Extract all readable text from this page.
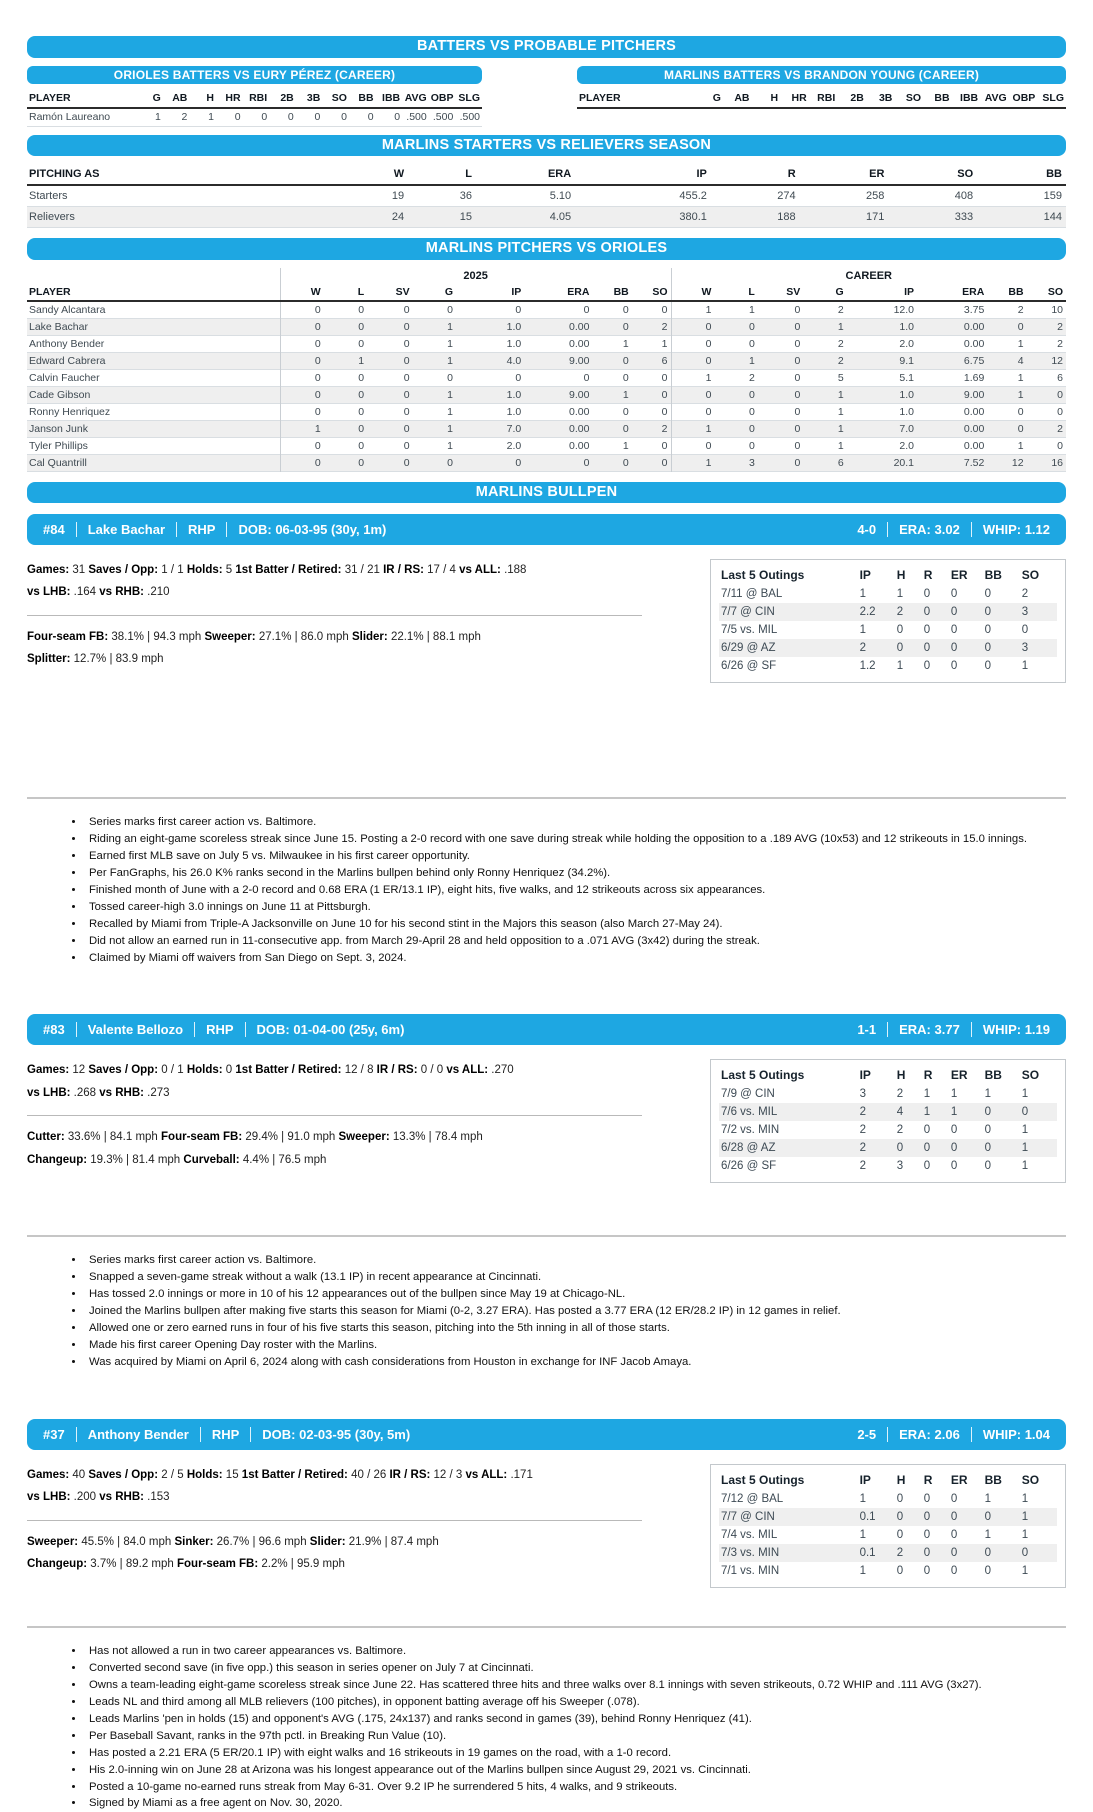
BATTERS VS PROBABLE PITCHERS
ORIOLES BATTERS VS EURY PÉREZ (CAREER)
PLAYER	G	AB	H	HR	RBI	2B	3B	SO	BB	IBB	AVG	OBP	SLG
Ramón Laureano	1	2	1	0	0	0	0	0	0	0	.500	.500	.500
MARLINS BATTERS VS BRANDON YOUNG (CAREER)
PLAYER	G	AB	H	HR	RBI	2B	3B	SO	BB	IBB	AVG	OBP	SLG
MARLINS STARTERS VS RELIEVERS SEASON
PITCHING AS	W	L	ERA	IP	R	ER	SO	BB
Starters	19	36	5.10	455.2	274	258	408	159
Relievers	24	15	4.05	380.1	188	171	333	144
MARLINS PITCHERS VS ORIOLES
	2025								CAREER							
PLAYER	W	L	SV	G	IP	ERA	BB	SO	W	L	SV	G	IP	ERA	BB	SO
Sandy Alcantara	0	0	0	0	0	0	0	0	1	1	0	2	12.0	3.75	2	10
Lake Bachar	0	0	0	1	1.0	0.00	0	2	0	0	0	1	1.0	0.00	0	2
Anthony Bender	0	0	0	1	1.0	0.00	1	1	0	0	0	2	2.0	0.00	1	2
Edward Cabrera	0	1	0	1	4.0	9.00	0	6	0	1	0	2	9.1	6.75	4	12
Calvin Faucher	0	0	0	0	0	0	0	0	1	2	0	5	5.1	1.69	1	6
Cade Gibson	0	0	0	1	1.0	9.00	1	0	0	0	0	1	1.0	9.00	1	0
Ronny Henriquez	0	0	0	1	1.0	0.00	0	0	0	0	0	1	1.0	0.00	0	0
Janson Junk	1	0	0	1	7.0	0.00	0	2	1	0	0	1	7.0	0.00	0	2
Tyler Phillips	0	0	0	1	2.0	0.00	1	0	0	0	0	1	2.0	0.00	1	0
Cal Quantrill	0	0	0	0	0	0	0	0	1	3	0	6	20.1	7.52	12	16
MARLINS BULLPEN
#84 Lake Bachar RHP DOB: 06-03-95 (30y, 1m)	4-0 ERA: 3.02 WHIP: 1.12

Games: 31 Saves / Opp: 1 / 1 Holds: 5 1st Batter / Retired: 31 / 21 IR / RS: 17 / 4 vs ALL: .188

vs LHB: .164 vs RHB: .210

Four-seam FB: 38.1% | 94.3 mph Sweeper: 27.1% | 86.0 mph Slider: 22.1% | 88.1 mph

Splitter: 12.7% | 83.9 mph

Last 5 Outings	IP	H	R	ER	BB	SO
7/11 @ BAL	1	1	0	0	0	2
7/7 @ CIN	2.2	2	0	0	0	3
7/5 vs. MIL	1	0	0	0	0	0
6/29 @ AZ	2	0	0	0	0	3
6/26 @ SF	1.2	1	0	0	0	1
• Series marks first career action vs. Baltimore.
• Riding an eight-game scoreless streak since June 15. Posting a 2-0 record with one save during streak while holding the opposition to a .189 AVG (10x53) and 12 strikeouts in 15.0 innings.
• Earned first MLB save on July 5 vs. Milwaukee in his first career opportunity.
• Per FanGraphs, his 26.0 K% ranks second in the Marlins bullpen behind only Ronny Henriquez (34.2%).
• Finished month of June with a 2-0 record and 0.68 ERA (1 ER/13.1 IP), eight hits, five walks, and 12 strikeouts across six appearances.
• Tossed career-high 3.0 innings on June 11 at Pittsburgh.
• Recalled by Miami from Triple-A Jacksonville on June 10 for his second stint in the Majors this season (also March 27-May 24).
• Did not allow an earned run in 11-consecutive app. from March 29-April 28 and held opposition to a .071 AVG (3x42) during the streak.
• Claimed by Miami off waivers from San Diego on Sept. 3, 2024.
#83 Valente Bellozo RHP DOB: 01-04-00 (25y, 6m)	1-1 ERA: 3.77 WHIP: 1.19

Games: 12 Saves / Opp: 0 / 1 Holds: 0 1st Batter / Retired: 12 / 8 IR / RS: 0 / 0 vs ALL: .270

vs LHB: .268 vs RHB: .273

Cutter: 33.6% | 84.1 mph Four-seam FB: 29.4% | 91.0 mph Sweeper: 13.3% | 78.4 mph

Changeup: 19.3% | 81.4 mph Curveball: 4.4% | 76.5 mph

Last 5 Outings	IP	H	R	ER	BB	SO
7/9 @ CIN	3	2	1	1	1	1
7/6 vs. MIL	2	4	1	1	0	0
7/2 vs. MIN	2	2	0	0	0	1
6/28 @ AZ	2	0	0	0	0	1
6/26 @ SF	2	3	0	0	0	1
• Series marks first career action vs. Baltimore.
• Snapped a seven-game streak without a walk (13.1 IP) in recent appearance at Cincinnati.
• Has tossed 2.0 innings or more in 10 of his 12 appearances out of the bullpen since May 19 at Chicago-NL.
• Joined the Marlins bullpen after making five starts this season for Miami (0-2, 3.27 ERA). Has posted a 3.77 ERA (12 ER/28.2 IP) in 12 games in relief.
• Allowed one or zero earned runs in four of his five starts this season, pitching into the 5th inning in all of those starts.
• Made his first career Opening Day roster with the Marlins.
• Was acquired by Miami on April 6, 2024 along with cash considerations from Houston in exchange for INF Jacob Amaya.
#37 Anthony Bender RHP DOB: 02-03-95 (30y, 5m)	2-5 ERA: 2.06 WHIP: 1.04

Games: 40 Saves / Opp: 2 / 5 Holds: 15 1st Batter / Retired: 40 / 26 IR / RS: 12 / 3 vs ALL: .171

vs LHB: .200 vs RHB: .153

Sweeper: 45.5% | 84.0 mph Sinker: 26.7% | 96.6 mph Slider: 21.9% | 87.4 mph

Changeup: 3.7% | 89.2 mph Four-seam FB: 2.2% | 95.9 mph

Last 5 Outings	IP	H	R	ER	BB	SO
7/12 @ BAL	1	0	0	0	1	1
7/7 @ CIN	0.1	0	0	0	0	1
7/4 vs. MIL	1	0	0	0	1	1
7/3 vs. MIN	0.1	2	0	0	0	0
7/1 vs. MIN	1	0	0	0	0	1
• Has not allowed a run in two career appearances vs. Baltimore.
• Converted second save (in five opp.) this season in series opener on July 7 at Cincinnati.
• Owns a team-leading eight-game scoreless streak since June 22. Has scattered three hits and three walks over 8.1 innings with seven strikeouts, 0.72 WHIP and .111 AVG (3x27).
• Leads NL and third among all MLB relievers (100 pitches), in opponent batting average off his Sweeper (.078).
• Leads Marlins 'pen in holds (15) and opponent's AVG (.175, 24x137) and ranks second in games (39), behind Ronny Henriquez (41).
• Per Baseball Savant, ranks in the 97th pctl. in Breaking Run Value (10).
• Has posted a 2.21 ERA (5 ER/20.1 IP) with eight walks and 16 strikeouts in 19 games on the road, with a 1-0 record.
• His 2.0-inning win on June 28 at Arizona was his longest appearance out of the Marlins bullpen since August 29, 2021 vs. Cincinnati.
• Posted a 10-game no-earned runs streak from May 6-31. Over 9.2 IP he surrendered 5 hits, 4 walks, and 9 strikeouts.
• Signed by Miami as a free agent on Nov. 30, 2020.
